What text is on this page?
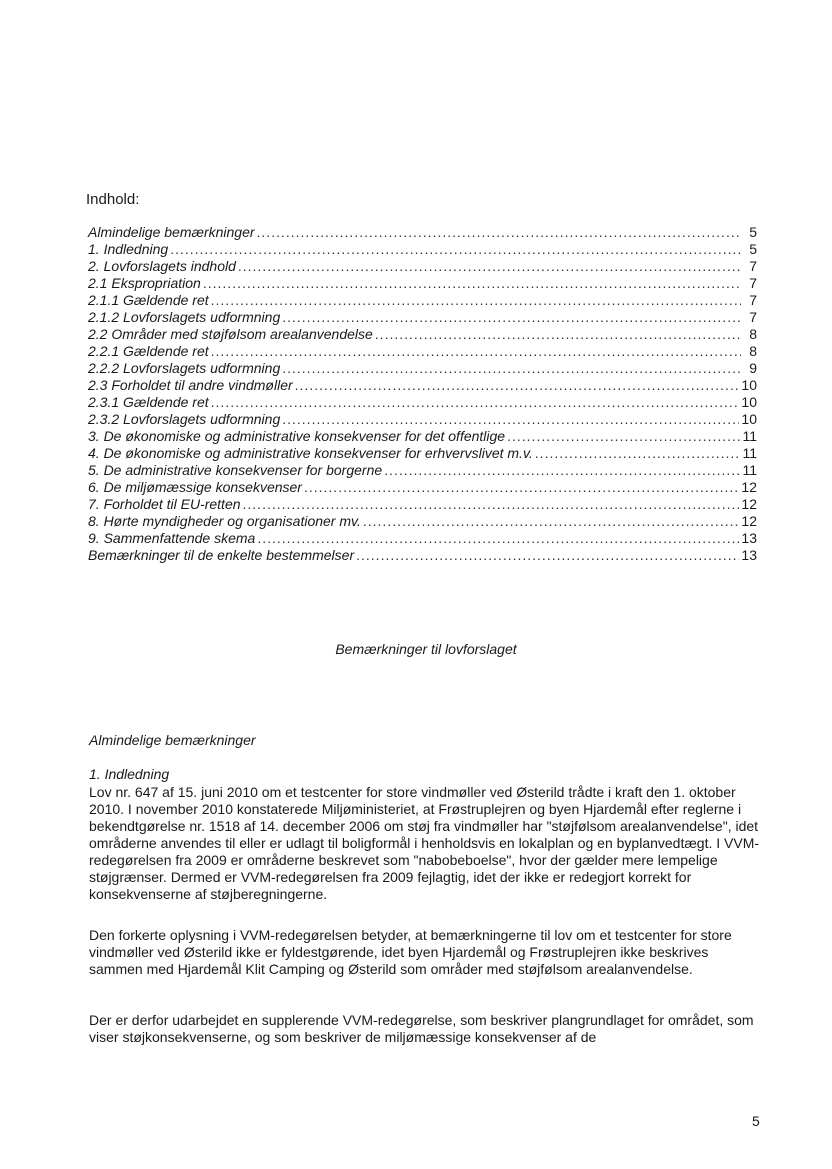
Indhold:
Almindelige bemærkninger .....	5
1. Indledning .....	5
2. Lovforslagets indhold .....	7
2.1 Ekspropriation .....	7
2.1.1 Gældende ret .....	7
2.1.2 Lovforslagets udformning .....	7
2.2 Områder med støjfølsom arealanvendelse .....	8
2.2.1 Gældende ret .....	8
2.2.2 Lovforslagets udformning .....	9
2.3 Forholdet til andre vindmøller .....	10
2.3.1 Gældende ret .....	10
2.3.2 Lovforslagets udformning .....	10
3. De økonomiske og administrative konsekvenser for det offentlige .....	11
4. De økonomiske og administrative konsekvenser for erhvervslivet m.v. .....	11
5. De administrative konsekvenser for borgerne .....	11
6. De miljømæssige konsekvenser .....	12
7. Forholdet til EU-retten .....	12
8. Hørte myndigheder og organisationer mv. .....	12
9. Sammenfattende skema .....	13
Bemærkninger til de enkelte bestemmelser .....	13
Bemærkninger til lovforslaget
Almindelige bemærkninger
1. Indledning

Lov nr. 647 af 15. juni 2010 om et testcenter for store vindmøller ved Østerild trådte i kraft den 1. oktober 2010. I november 2010 konstaterede Miljøministeriet, at Frøstruplejren og byen Hjardemål efter reglerne i bekendtgørelse nr. 1518 af 14. december 2006 om støj fra vindmøller har "støjfølsom arealanvendelse", idet områderne anvendes til eller er udlagt til boligformål i henholdsvis en lokalplan og en byplanvedtægt. I VVM-redegørelsen fra 2009 er områderne beskrevet som "nabobeboelse", hvor der gælder mere lempelige støjgrænser. Dermed er VVM-redegørelsen fra 2009 fejlagtig, idet der ikke er redegjort korrekt for konsekvenserne af støjberegningerne.

Den forkerte oplysning i VVM-redegørelsen betyder, at bemærkningerne til lov om et testcenter for store vindmøller ved Østerild ikke er fyldestgørende, idet byen Hjardemål og Frøstruplejren ikke beskrives sammen med Hjardemål Klit Camping og Østerild som områder med støjfølsom arealanvendelse.

Der er derfor udarbejdet en supplerende VVM-redegørelse, som beskriver plangrundlaget for området, som viser støjkonsekvenserne, og som beskriver de miljømæssige konsekvenser af de

5
